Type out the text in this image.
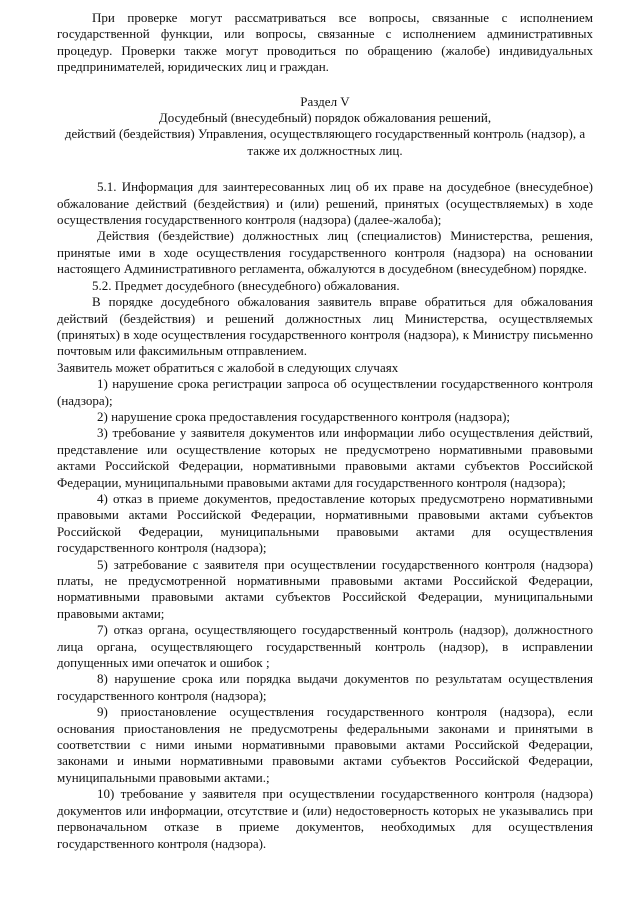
При проверке могут рассматриваться все вопросы, связанные с исполнением государственной функции, или вопросы, связанные с исполнением административных процедур. Проверки также могут проводиться по обращению (жалобе) индивидуальных предпринимателей, юридических лиц и граждан.

Раздел V

Досудебный (внесудебный) порядок обжалования решений,

действий (бездействия) Управления, осуществляющего государственный контроль (надзор), а также их должностных лиц.

5.1. Информация для заинтересованных лиц об их праве на досудебное (внесудебное) обжалование действий (бездействия) и (или) решений, принятых (осуществляемых) в ходе осуществления государственного контроля (надзора) (далее-жалоба);

Действия (бездействие) должностных лиц (специалистов) Министерства, решения, принятые ими в ходе осуществления государственного контроля (надзора) на основании настоящего Административного регламента, обжалуются в досудебном (внесудебном) порядке.

5.2. Предмет досудебного (внесудебного) обжалования.

В порядке досудебного обжалования заявитель вправе обратиться для обжалования действий (бездействия) и решений должностных лиц Министерства, осуществляемых (принятых) в ходе осуществления государственного контроля (надзора), к Министру письменно почтовым или факсимильным отправлением.

Заявитель может обратиться с жалобой в следующих случаях

1) нарушение срока регистрации запроса об осуществлении государственного контроля (надзора);

2) нарушение срока предоставления государственного контроля (надзора);

3) требование у заявителя документов или информации либо осуществления действий, представление или осуществление которых не предусмотрено нормативными правовыми актами Российской Федерации, нормативными правовыми актами субъектов Российской Федерации, муниципальными правовыми актами для государственного контроля (надзора);

4) отказ в приеме документов, предоставление которых предусмотрено нормативными правовыми актами Российской Федерации, нормативными правовыми актами субъектов Российской Федерации, муниципальными правовыми актами для осуществления государственного контроля (надзора);

5) затребование с заявителя при осуществлении государственного контроля (надзора) платы, не предусмотренной нормативными правовыми актами Российской Федерации, нормативными правовыми актами субъектов Российской Федерации, муниципальными правовыми актами;

7) отказ органа, осуществляющего государственный контроль (надзор), должностного лица органа, осуществляющего государственный контроль (надзор), в исправлении допущенных ими опечаток и ошибок ;

8) нарушение срока или порядка выдачи документов по результатам осуществления государственного контроля (надзора);

9) приостановление осуществления государственного контроля (надзора), если основания приостановления не предусмотрены федеральными законами и принятыми в соответствии с ними иными нормативными правовыми актами Российской Федерации, законами и иными нормативными правовыми актами субъектов Российской Федерации, муниципальными правовыми актами.;

10) требование у заявителя при осуществлении государственного контроля (надзора) документов или информации, отсутствие и (или) недостоверность которых не указывались при первоначальном отказе в приеме документов, необходимых для осуществления государственного контроля (надзора).
